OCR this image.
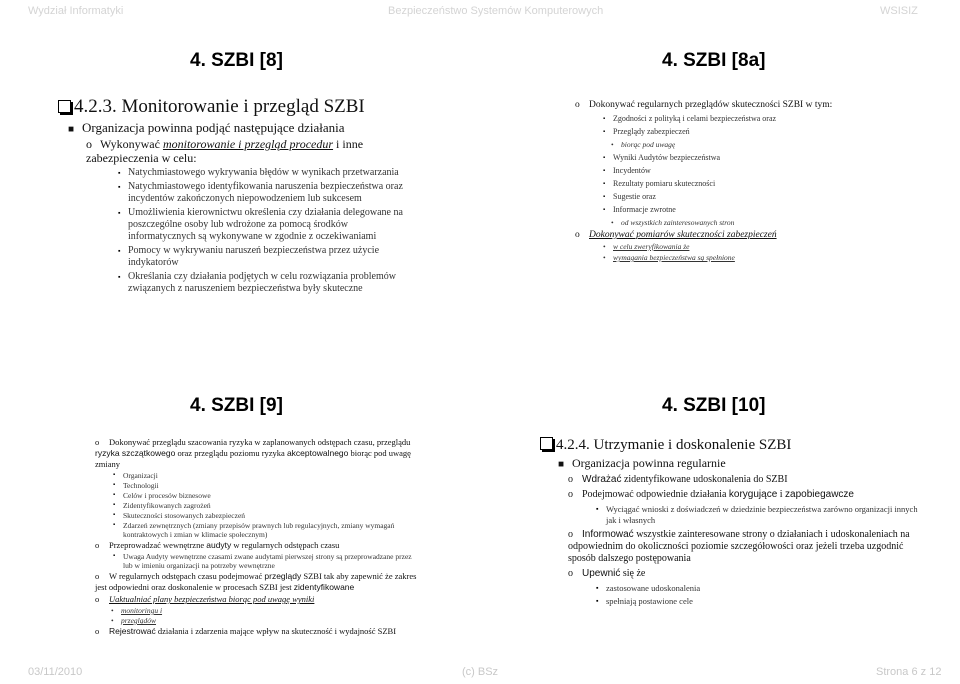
Wydział Informatyki	Bezpieczeństwo Systemów Komputerowych	WSISIZ
4. SZBI [8]
4.2.3. Monitorowanie i przegląd SZBI
■ Organizacja powinna podjąć następujące działania
o Wykonywać monitorowanie i przegląd procedur i inne zabezpieczenia w celu:
▪ Natychmiastowego wykrywania błędów w wynikach przetwarzania
▪ Natychmiastowego identyfikowania naruszenia bezpieczeństwa oraz incydentów zakończonych niepowodzeniem lub sukcesem
▪ Umożliwienia kierownictwu określenia czy działania delegowane na poszczególne osoby lub wdrożone za pomocą środków informatycznych są wykonywane w zgodnie z oczekiwaniami
▪ Pomocy w wykrywaniu naruszeń bezpieczeństwa przez użycie indykatorów
▪ Określania czy działania podjętych w celu rozwiązania problemów związanych z naruszeniem bezpieczeństwa były skuteczne
4. SZBI [8a]
o Dokonywać regularnych przeglądów skuteczności SZBI w tym:
▪ Zgodności z polityką i celami bezpieczeństwa oraz
▪ Przeglądy zabezpieczeń
• biorąc pod uwagę
▪ Wyniki Audytów bezpieczeństwa
▪ Incydentów
▪ Rezultaty pomiaru skuteczności
▪ Sugestie oraz
▪ Informacje zwrotne
• od wszystkich zainteresowanych stron
o Dokonywać pomiarów skuteczności zabezpieczeń
• w celu zweryfikowania że
• wymagania bezpieczeństwa są spełnione
4. SZBI [9]
o Dokonywać przeglądu szacowania ryzyka w zaplanowanych odstępach czasu, przeglądu ryzyka szczątkowego oraz przeglądu poziomu ryzyka akceptowalnego biorąc pod uwagę zmiany
▪ Organizacji
▪ Technologii
▪ Celów i procesów biznesowe
▪ Zidentyfikowanych zagrożeń
▪ Skuteczności stosowanych zabezpieczeń
▪ Zdarzeń zewnętrznych (zmiany przepisów prawnych lub regulacyjnych, zmiany wymagań kontraktowych i zmian w klimacie społecznym)
o Przeprowadzać wewnętrzne audyty w regularnych odstępach czasu
▪ Uwaga Audyty wewnętrzne czasami zwane audytami pierwszej strony są przeprowadzane przez lub w imieniu organizacji na potrzeby wewnętrzne
o W regularnych odstępach czasu podejmować przeglądy SZBI tak aby zapewnić że zakres jest odpowiedni oraz doskonalenie w procesach SZBI jest zidentyfikowane
o Uaktualniać plany bezpieczeństwa biorąc pod uwagę wyniki
• monitoringu i
• przeglądów
o Rejestrować działania i zdarzenia mające wpływ na skuteczność i wydajność SZBI
4. SZBI [10]
4.2.4. Utrzymanie i doskonalenie SZBI
■ Organizacja powinna regularnie
o Wdrażać zidentyfikowane udoskonalenia do SZBI
o Podejmować odpowiednie działania korygujące i zapobiegawcze
▪ Wyciągać wnioski z doświadczeń w dziedzinie bezpieczeństwa zarówno organizacji innych jak i własnych
o Informować wszystkie zainteresowane strony o działaniach i udoskonaleniach na odpowiednim do okoliczności poziomie szczegółowości oraz jeżeli trzeba uzgodnić sposób dalszego postępowania
o Upewnić się że
▪ zastosowane udoskonalenia
▪ spełniają postawione cele
03/11/2010	(c) BSz	Strona 6 z 12
